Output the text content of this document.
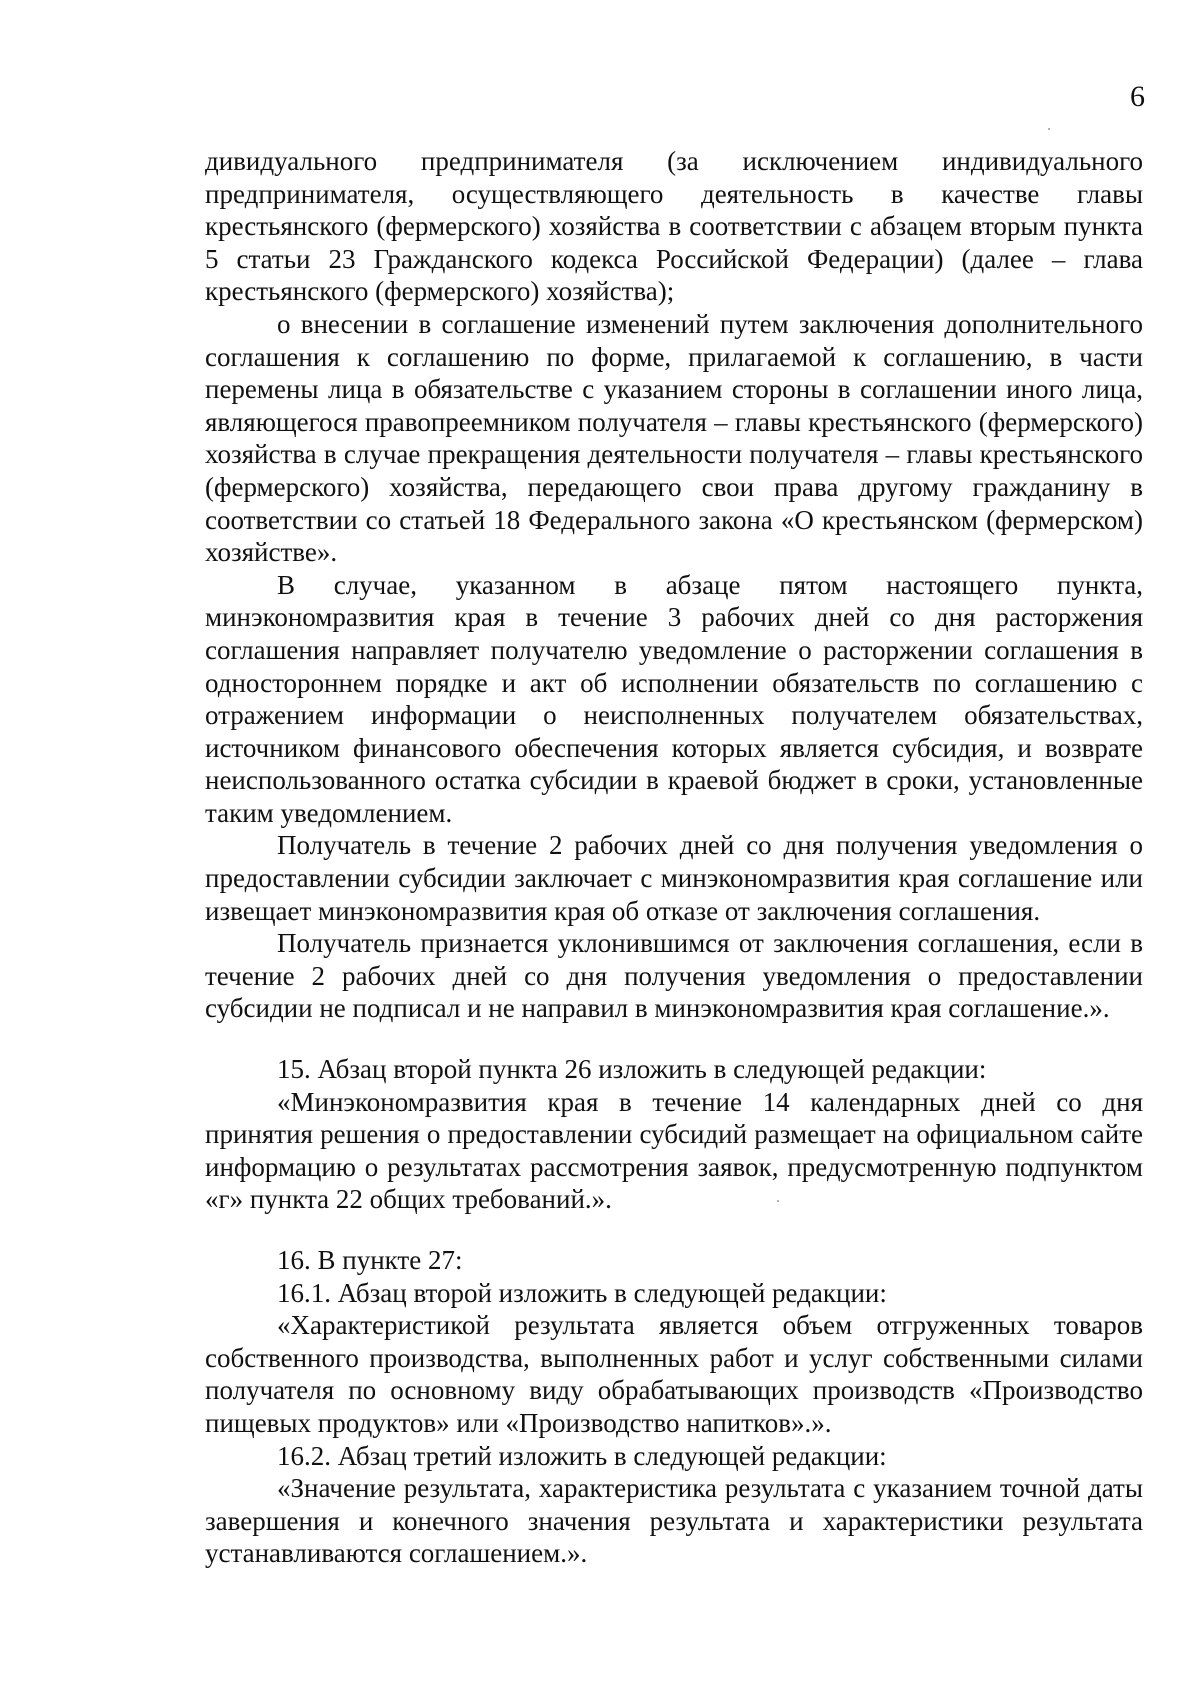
6

дивидуального предпринимателя (за исключением индивидуального предпринимателя, осуществляющего деятельность в качестве главы крестьянского (фермерского) хозяйства в соответствии с абзацем вторым пункта 5 статьи 23 Гражданского кодекса Российской Федерации) (далее – глава крестьянского (фермерского) хозяйства);

о внесении в соглашение изменений путем заключения дополнительного соглашения к соглашению по форме, прилагаемой к соглашению, в части перемены лица в обязательстве с указанием стороны в соглашении иного лица, являющегося правопреемником получателя – главы крестьянского (фермерского) хозяйства в случае прекращения деятельности получателя – главы крестьянского (фермерского) хозяйства, передающего свои права другому гражданину в соответствии со статьей 18 Федерального закона «О крестьянском (фермерском) хозяйстве».

В случае, указанном в абзаце пятом настоящего пункта, минэкономразвития края в течение 3 рабочих дней со дня расторжения соглашения направляет получателю уведомление о расторжении соглашения в одностороннем порядке и акт об исполнении обязательств по соглашению с отражением информации о неисполненных получателем обязательствах, источником финансового обеспечения которых является субсидия, и возврате неиспользованного остатка субсидии в краевой бюджет в сроки, установленные таким уведомлением.

Получатель в течение 2 рабочих дней со дня получения уведомления о предоставлении субсидии заключает с минэкономразвития края соглашение или извещает минэкономразвития края об отказе от заключения соглашения.

Получатель признается уклонившимся от заключения соглашения, если в течение 2 рабочих дней со дня получения уведомления о предоставлении субсидии не подписал и не направил в минэкономразвития края соглашение.».

15. Абзац второй пункта 26 изложить в следующей редакции:

«Минэкономразвития края в течение 14 календарных дней со дня принятия решения о предоставлении субсидий размещает на официальном сайте информацию о результатах рассмотрения заявок, предусмотренную подпунктом «г» пункта 22 общих требований.».

16. В пункте 27:

16.1. Абзац второй изложить в следующей редакции:

«Характеристикой результата является объем отгруженных товаров собственного производства, выполненных работ и услуг собственными силами получателя по основному виду обрабатывающих производств «Производство пищевых продуктов» или «Производство напитков».».

16.2. Абзац третий изложить в следующей редакции:

«Значение результата, характеристика результата с указанием точной даты завершения и конечного значения результата и характеристики результата устанавливаются соглашением.».
